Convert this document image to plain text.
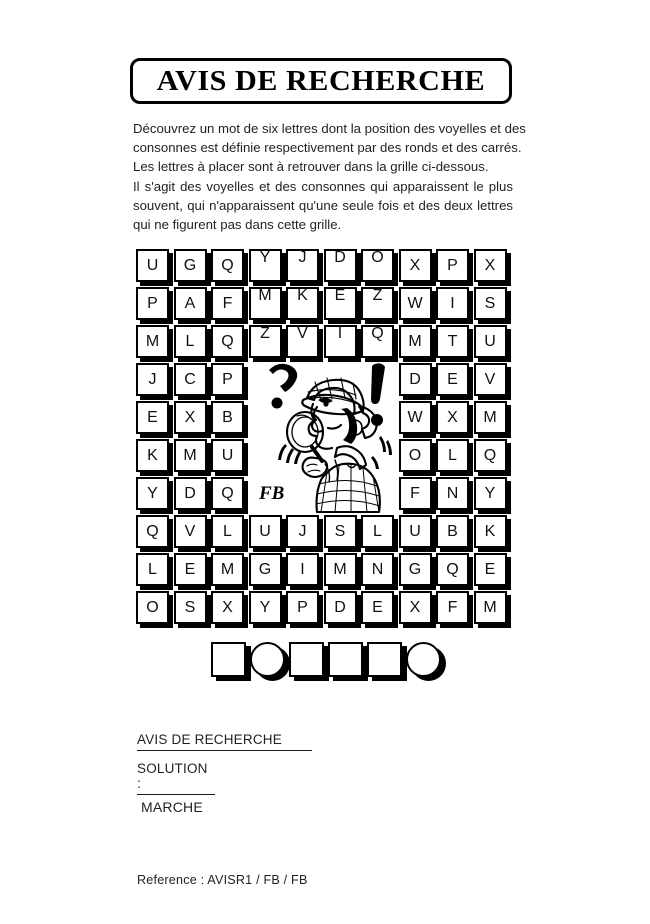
AVIS DE RECHERCHE
Découvrez un mot de six lettres dont la position des voyelles et des
consonnes est définie respectivement par des ronds et des carrés.
Les lettres à placer sont à retrouver dans la grille ci-dessous.
Il s'agit des voyelles et des consonnes qui apparaissent le plus souvent, qui n'apparaissent qu'une seule fois et des deux lettres qui ne figurent pas dans cette grille.
U	G	Q	Y	J	D	O	X	P	X
P	A	F	M	K	E	Z	W	I	S
M	L	Q	Z	V	I	Q	M	T	U
J	C	P	D	E	V
E	X	B	W	X	M
K	M	U	O	L	Q
Y	D	Q	F	N	Y
Q	V	L	U	J	S	L	U	B	K
L	E	M	G	I	M	N	G	Q	E
O	S	X	Y	P	D	E	X	F	M
FB
AVIS DE RECHERCHE
SOLUTION :
MARCHE
Reference : AVISR1 / FB / FB
